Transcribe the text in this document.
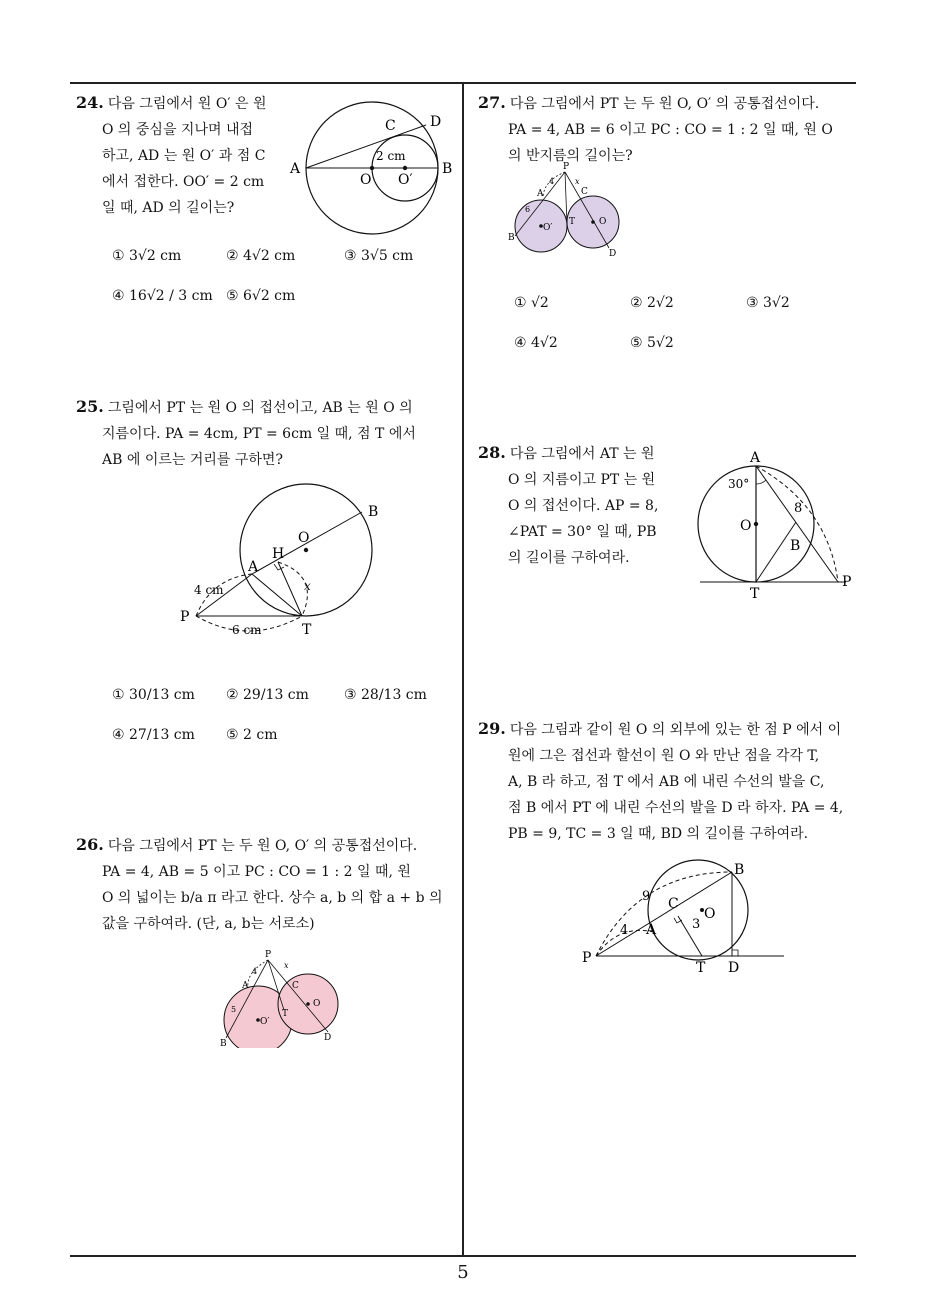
24. 다음 그림에서 원 O′ 은 원
O 의 중심을 지나며 내접
하고, AD 는 원 O′ 과 점 C
에서 접한다. OO′ = 2 cm
일 때, AD 의 길이는?
A	B
C D
O O′
2 cm
① 3√2 cm	② 4√2 cm	③ 3√5 cm
④ 16√2 / 3 cm ⑤ 6√2 cm
25. 그림에서 PT 는 원 O 의 접선이고, AB 는 원 O 의
지름이다. PA = 4cm, PT = 6cm 일 때, 점 T 에서
AB 에 이르는 거리를 구하면?
B
O
H
A
P
T
x
4 cm
6 cm
① 30/13 cm ② 29/13 cm	③ 28/13 cm
④ 27/13 cm ⑤ 2 cm
26. 다음 그림에서 PT 는 두 원 O, O′ 의 공통접선이다.
PA = 4, AB = 5 이고 PC : CO = 1 : 2 일 때, 원
O 의 넓이는 b/a π 라고 한다. 상수 a, b 의 합 a + b 의
값을 구하여라. (단, a, b는 서로소)
P
A
B
C
D
T
O
O′
4
5
x
27. 다음 그림에서 PT 는 두 원 O, O′ 의 공통접선이다.
PA = 4, AB = 6 이고 PC : CO = 1 : 2 일 때, 원 O
의 반지름의 길이는?
P
A
B
C
D
T	O
O′
4
6
x
① √2	② 2√2	③ 3√2
④ 4√2	⑤ 5√2
28. 다음 그림에서 AT 는 원
O 의 지름이고 PT 는 원
O 의 접선이다. AP = 8,
∠PAT = 30° 일 때, PB
의 길이를 구하여라.
A
O
B
T
P
30°
8
29. 다음 그림과 같이 원 O 의 외부에 있는 한 점 P 에서 이
원에 그은 접선과 할선이 원 O 와 만난 점을 각각 T,
A, B 라 하고, 점 T 에서 AB 에 내린 수선의 발을 C,
점 B 에서 PT 에 내린 수선의 발을 D 라 하자. PA = 4,
PB = 9, TC = 3 일 때, BD 의 길이를 구하여라.
B
C
O
A
P
T D
9
4	3
5
